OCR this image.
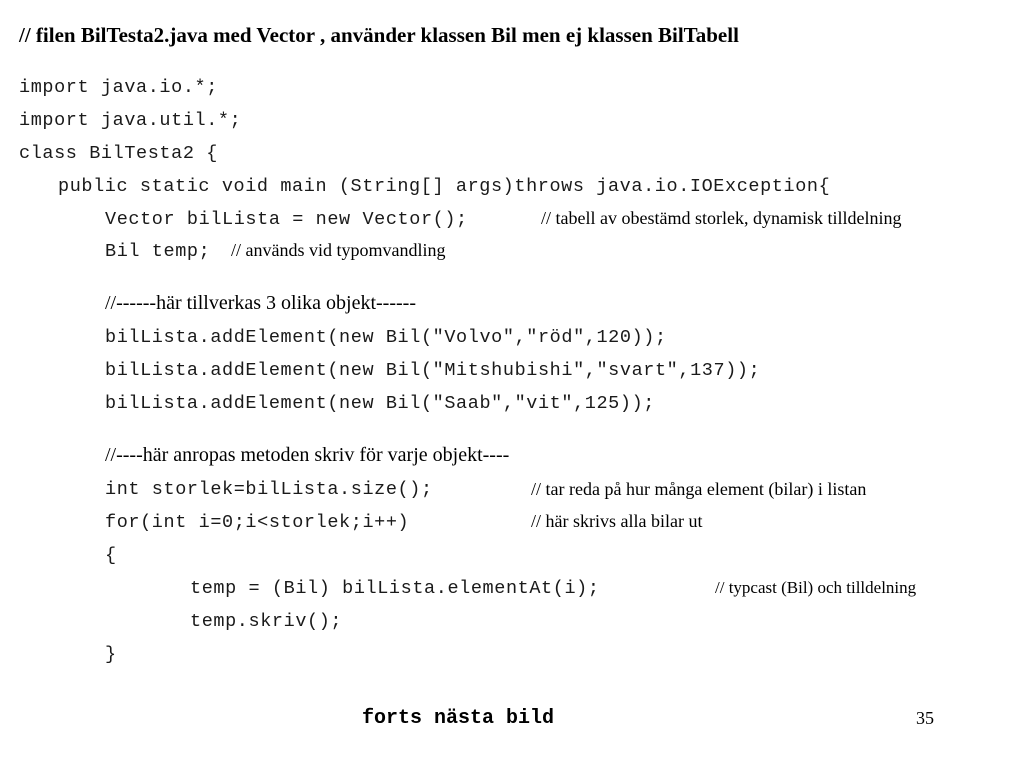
// filen BilTesta2.java med Vector , använder klassen Bil men ej klassen BilTabell
import java.io.*;
import java.util.*;
class BilTesta2 {
public static void main (String[] args)throws java.io.IOException{
Vector bilLista = new Vector();	// tabell av obestämd storlek, dynamisk tilldelning
Bil temp; // används vid typomvandling
//------här tillverkas 3 olika objekt------
bilLista.addElement(new Bil("Volvo","röd",120));
bilLista.addElement(new Bil("Mitshubishi","svart",137));
bilLista.addElement(new Bil("Saab","vit",125));
//----här anropas metoden skriv för varje objekt----
int storlek=bilLista.size();	// tar reda på hur många element (bilar) i listan
for(int i=0;i<storlek;i++)	// här skrivs alla bilar ut
{
temp = (Bil) bilLista.elementAt(i);	// typcast (Bil) och tilldelning
temp.skriv();
}
forts nästa bild	35
